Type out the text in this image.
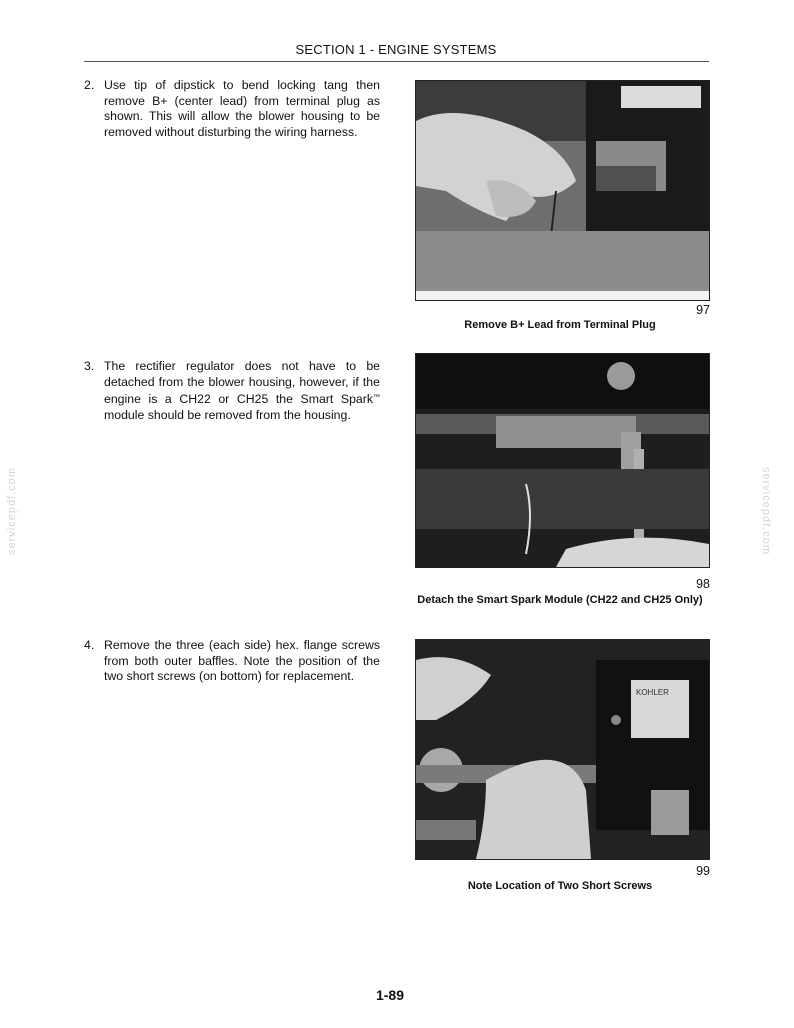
SECTION 1 - ENGINE SYSTEMS
servicepdf.com	servicepdf.com
2. Use tip of dipstick to bend locking tang then remove B+ (center lead) from terminal plug as shown. This will allow the blower housing to be removed without disturbing the wiring harness.
97
Remove B+ Lead from Terminal Plug
3. The rectifier regulator does not have to be detached from the blower housing, however, if the engine is a CH22 or CH25 the Smart Spark™ module should be removed from the housing.
98
Detach the Smart Spark Module (CH22 and CH25 Only)
4. Remove the three (each side) hex. flange screws from both outer baffles. Note the position of the two short screws (on bottom) for replacement.
KOHLER
99
Note Location of Two Short Screws
1-89
